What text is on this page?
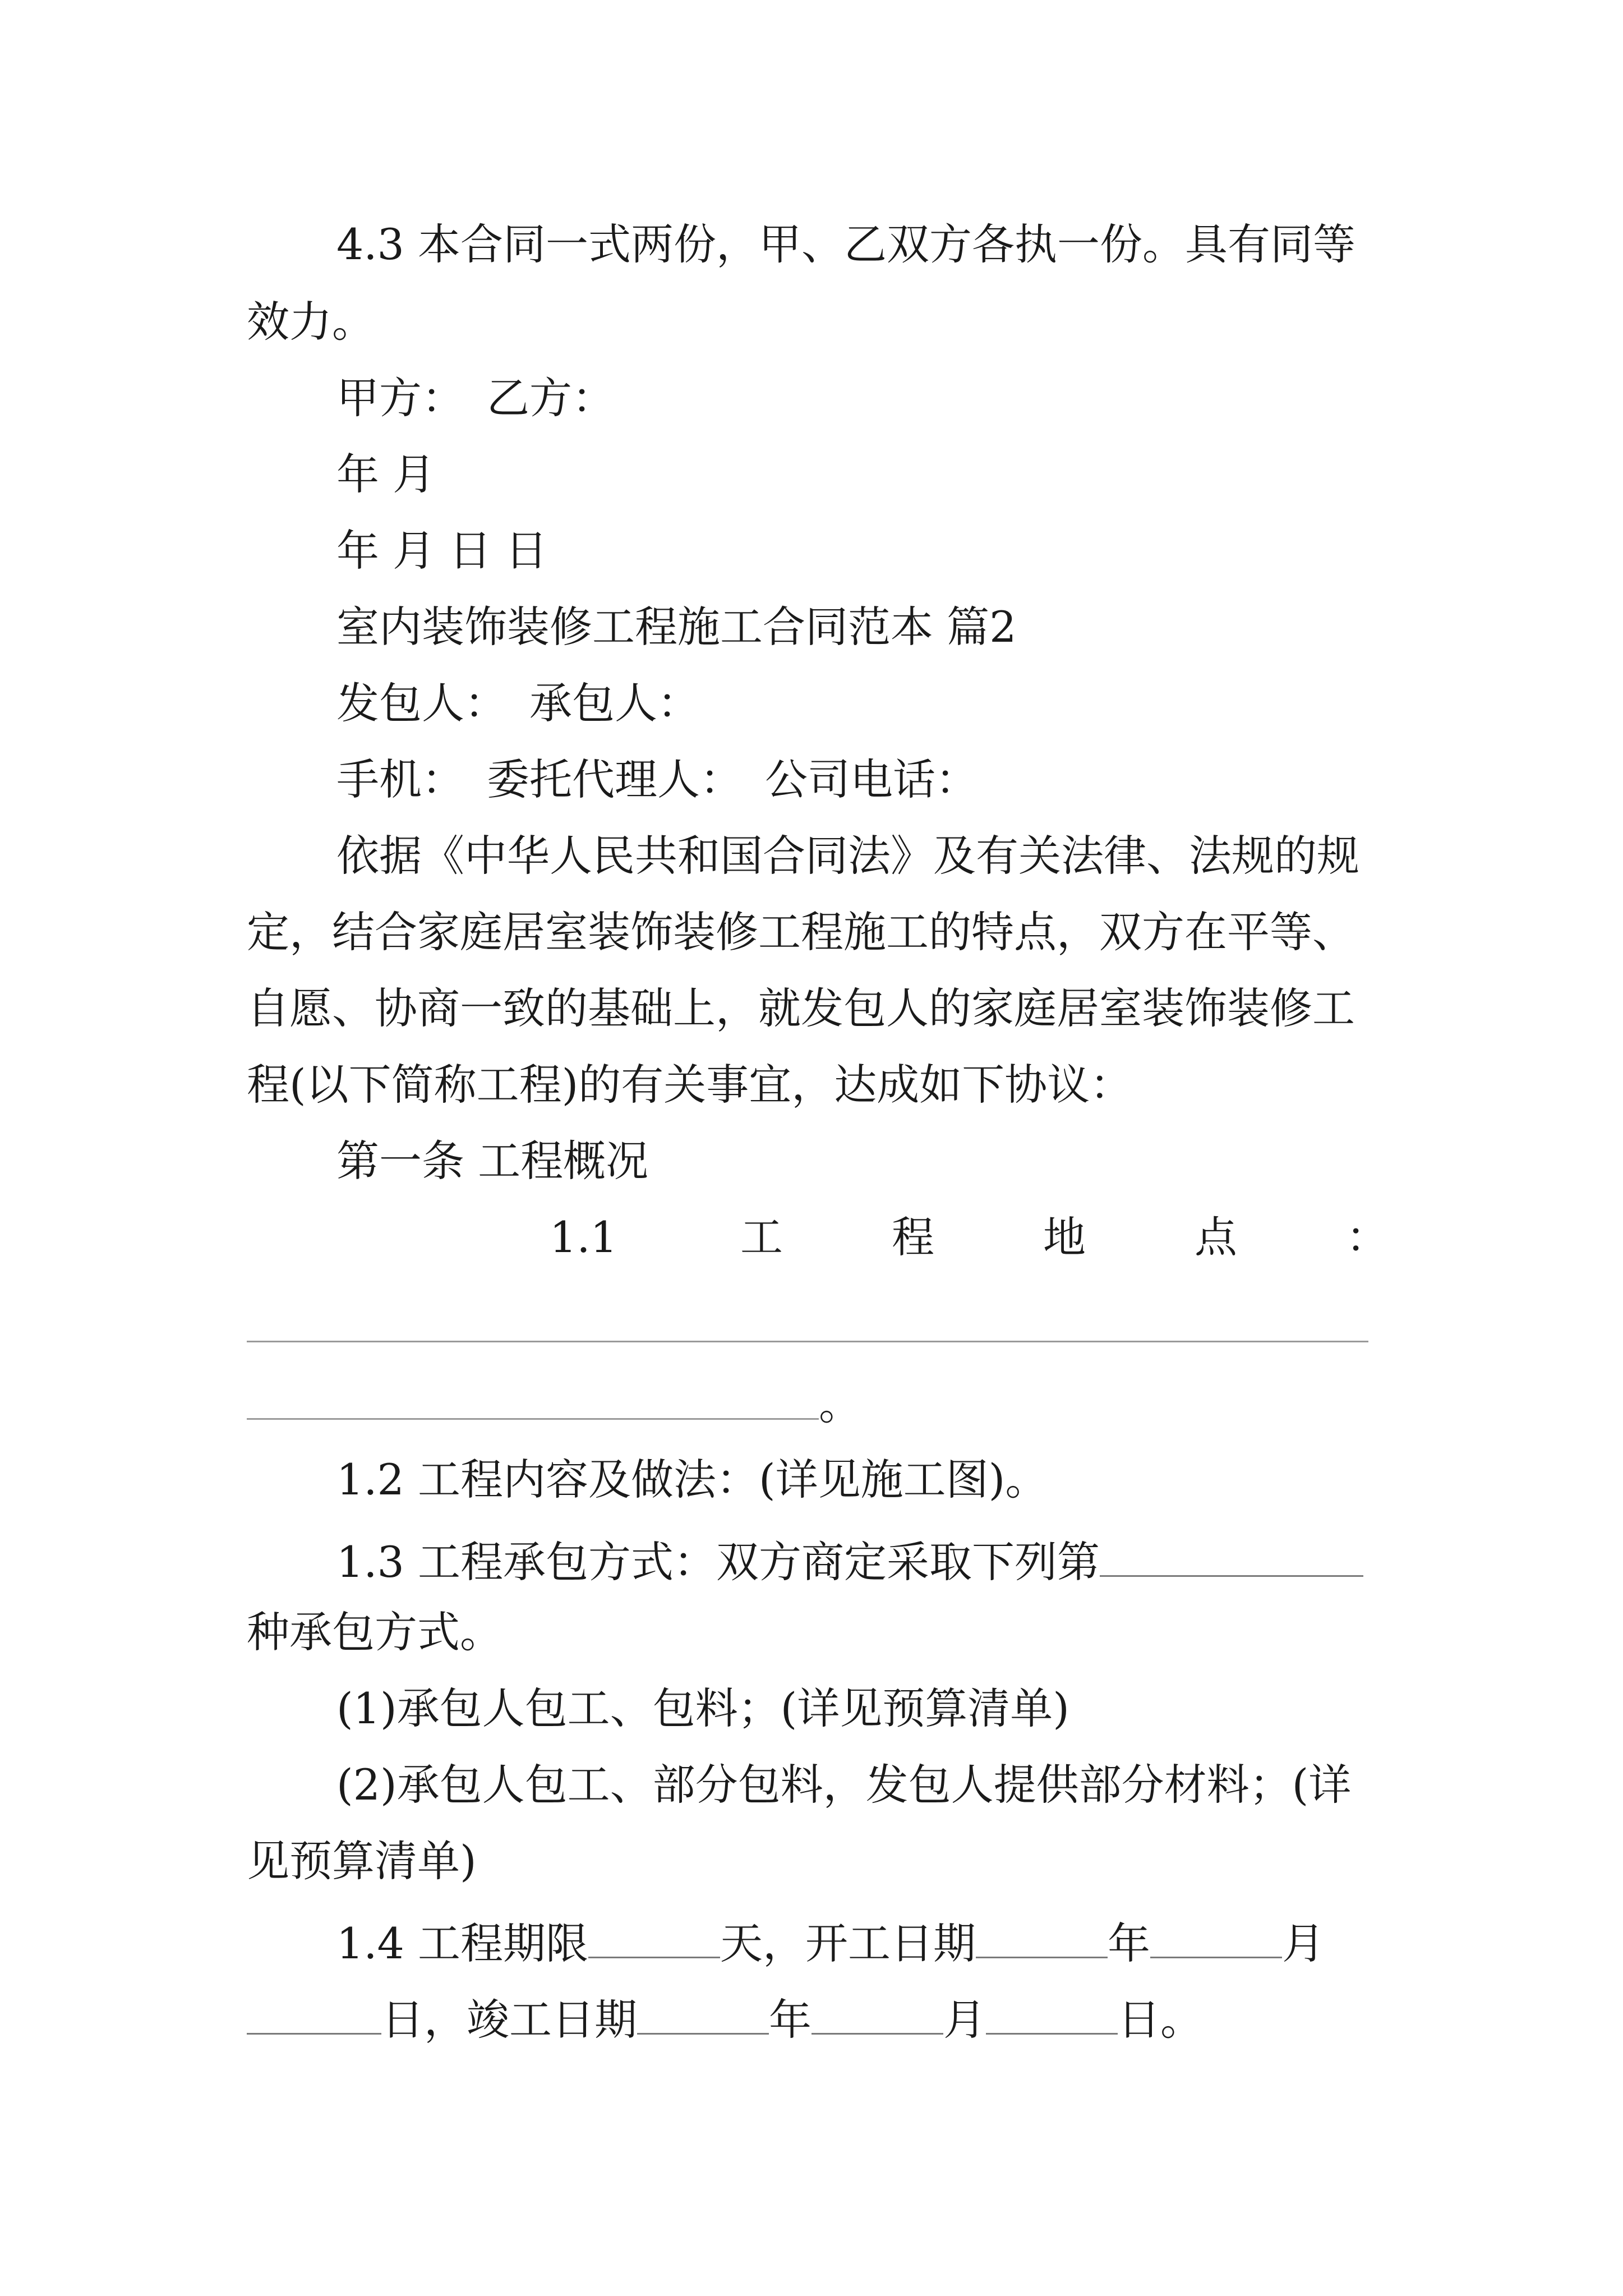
4.3 本合同一式两份，甲、乙双方各执一份。具有同等
效力。
甲方： 乙方：
年 月
年 月 日 日
室内装饰装修工程施工合同范本 篇2
发包人： 承包人：
手机： 委托代理人： 公司电话：
依据《中华人民共和国合同法》及有关法律、法规的规
定，结合家庭居室装饰装修工程施工的特点，双方在平等、
自愿、协商一致的基础上，就发包人的家庭居室装饰装修工
程(以下简称工程)的有关事宜，达成如下协议：
第一条 工程概况
1.1	工	程	地	点	：
。
1.2 工程内容及做法：(详见施工图)。
1.3 工程承包方式：双方商定采取下列第
种承包方式。
(1)承包人包工、包料；(详见预算清单)
(2)承包人包工、部分包料，发包人提供部分材料；(详
见预算清单)
1.4 工程期限	天，开工日期	年	月
日，竣工日期	年	月	日。
